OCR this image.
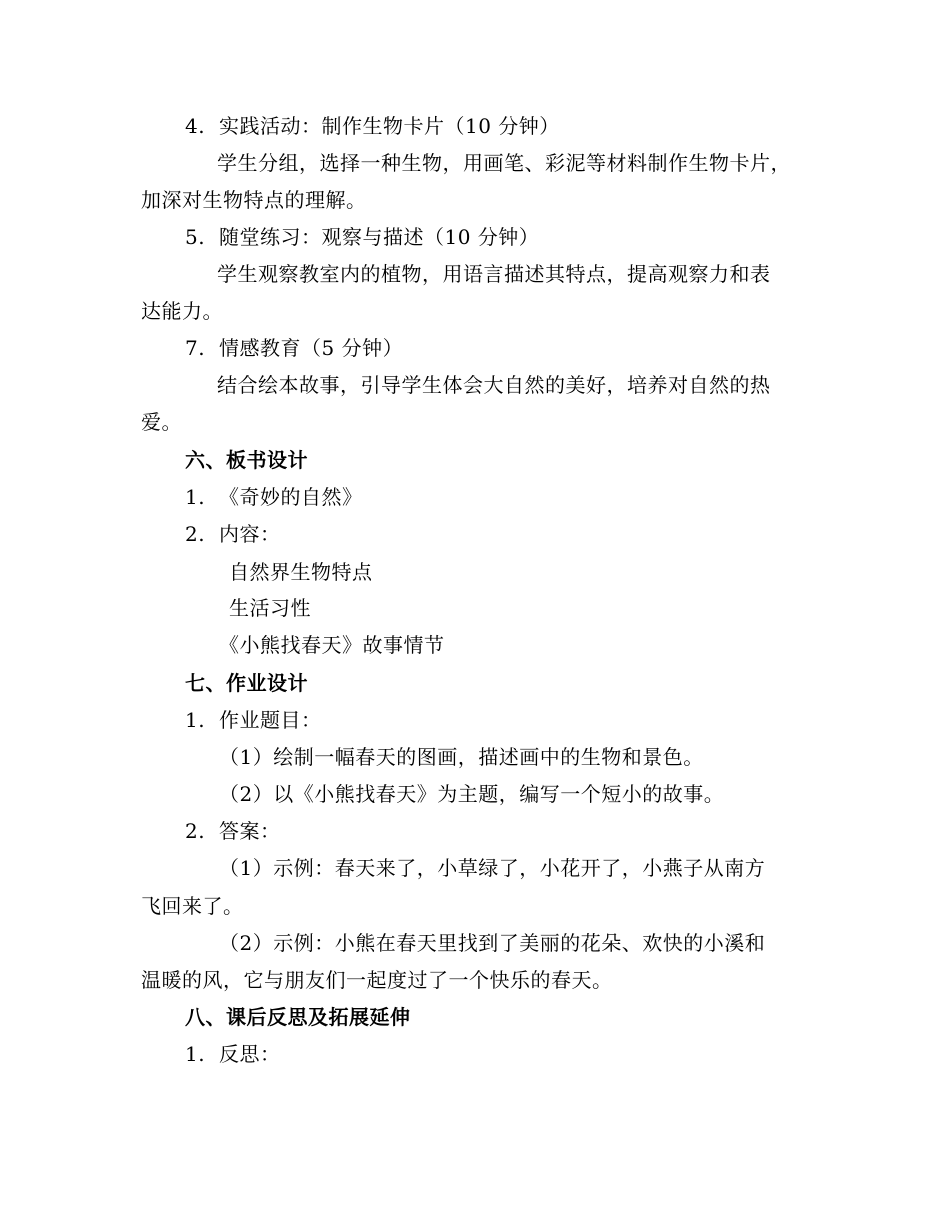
4. 实践活动：制作生物卡片（10 分钟）
学生分组，选择一种生物，用画笔、彩泥等材料制作生物卡片，
加深对生物特点的理解。
5. 随堂练习：观察与描述（10 分钟）
学生观察教室内的植物，用语言描述其特点，提高观察力和表
达能力。
7. 情感教育（5 分钟）
结合绘本故事，引导学生体会大自然的美好，培养对自然的热
爱。
六、板书设计
1. 《奇妙的自然》
2. 内容：
自然界生物特点
生活习性
《小熊找春天》故事情节
七、作业设计
1. 作业题目：
（1）绘制一幅春天的图画，描述画中的生物和景色。
（2）以《小熊找春天》为主题，编写一个短小的故事。
2. 答案：
（1）示例：春天来了，小草绿了，小花开了，小燕子从南方
飞回来了。
（2）示例：小熊在春天里找到了美丽的花朵、欢快的小溪和
温暖的风，它与朋友们一起度过了一个快乐的春天。
八、课后反思及拓展延伸
1. 反思：
